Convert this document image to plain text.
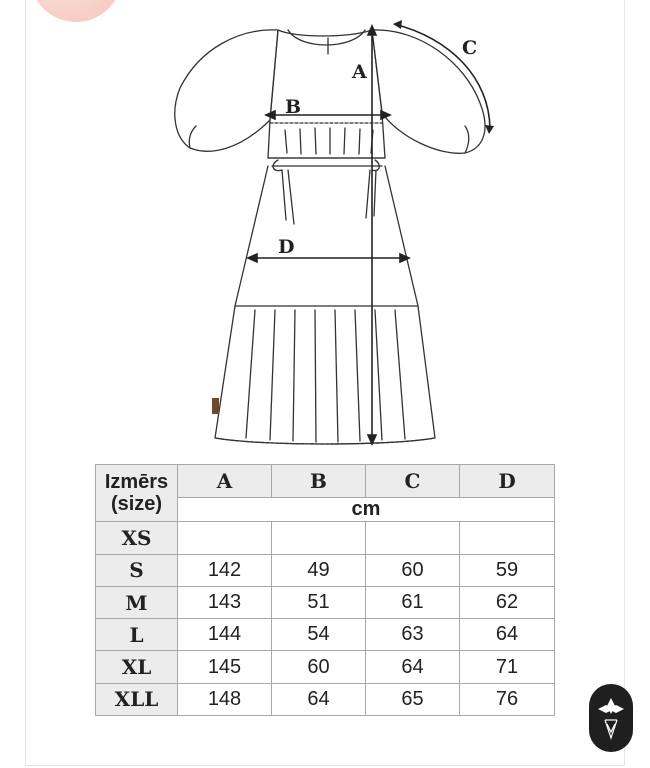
A
B
C
D
Izmērs
(size)	A	B	C	D
	cm			
XS				
S	142	49	60	59
M	143	51	61	62
L	144	54	63	64
XL	145	60	64	71
XLL	148	64	65	76
